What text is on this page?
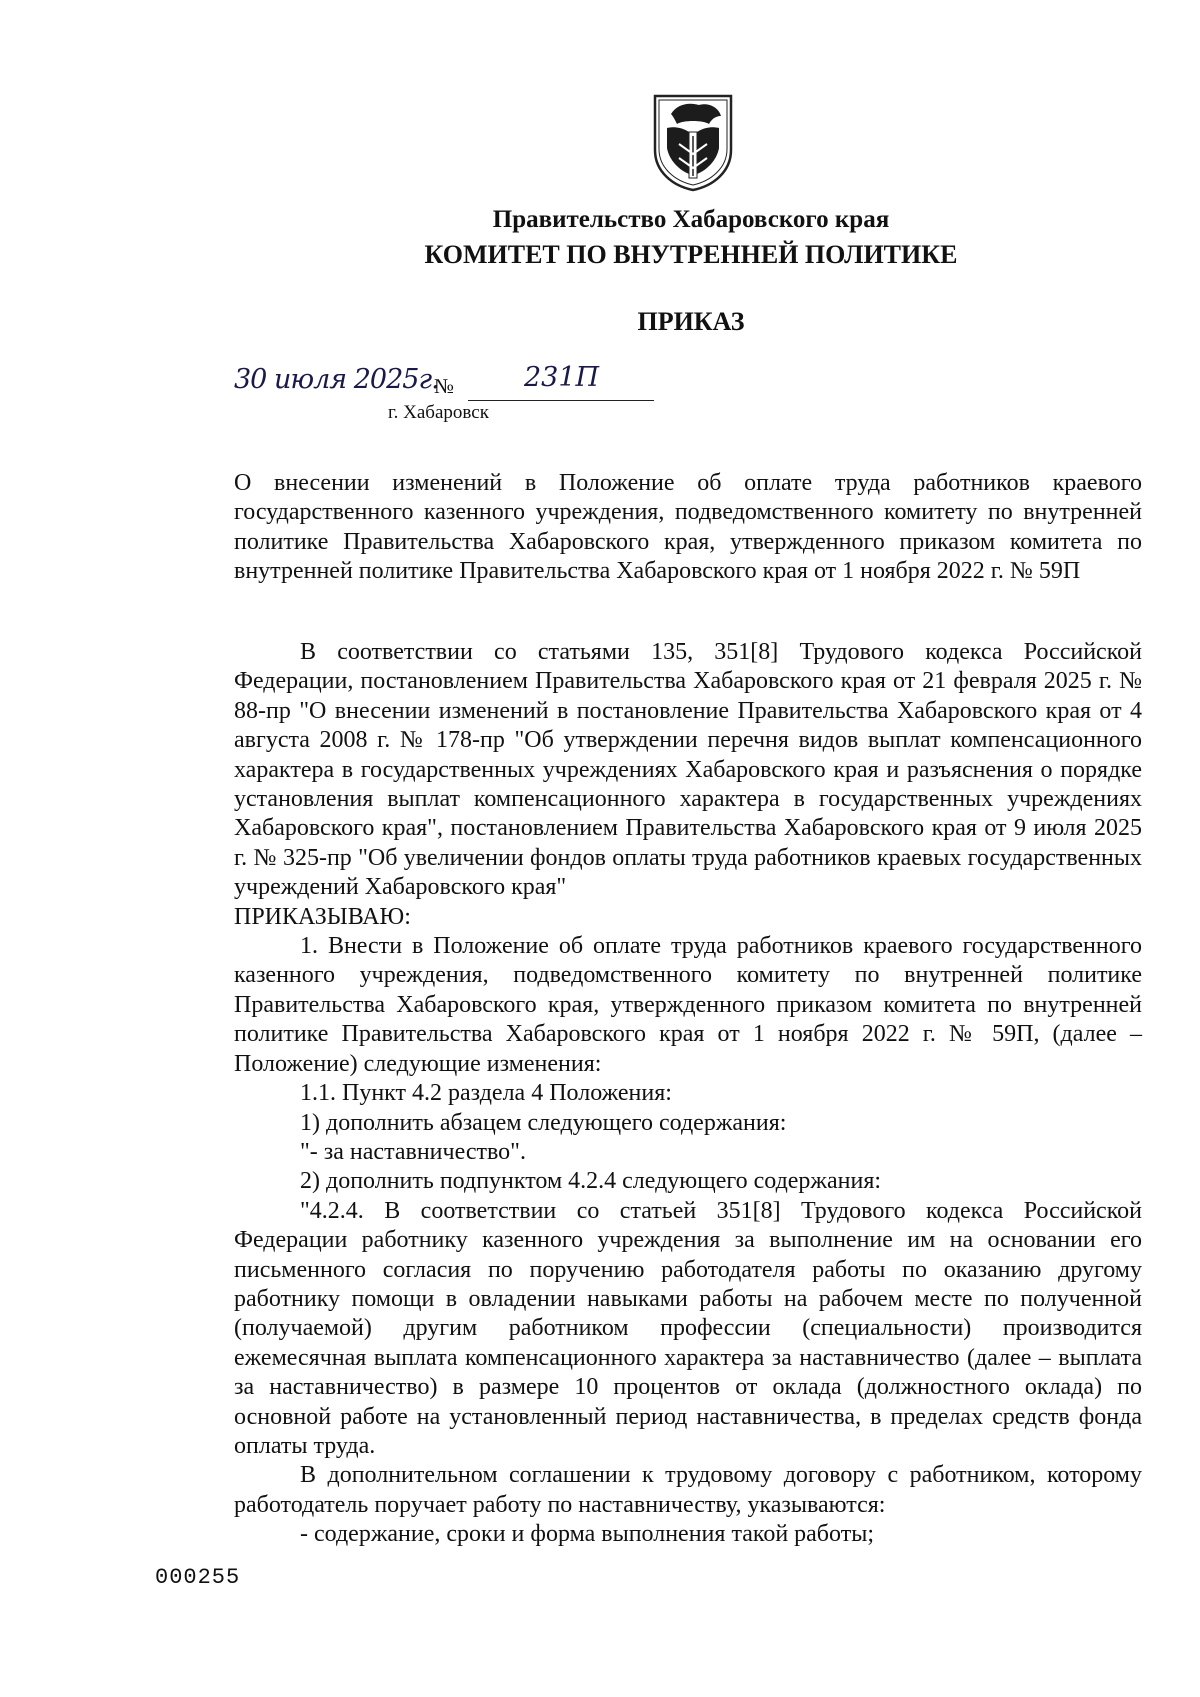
Правительство Хабаровского края
КОМИТЕТ ПО ВНУТРЕННЕЙ ПОЛИТИКЕ
ПРИКАЗ
30 июля 2025г.
№	231П
г. Хабаровск

О внесении изменений в Положение об оплате труда работников краевого государственного казенного учреждения, подведомственного комитету по внутренней политике Правительства Хабаровского края, утвержденного приказом комитета по внутренней политике Правительства Хабаровского края от 1 ноября 2022 г. № 59П

В соответствии со статьями 135, 351[8] Трудового кодекса Российской Федерации, постановлением Правительства Хабаровского края от 21 февраля 2025 г. № 88-пр "О внесении изменений в постановление Правительства Хабаровского края от 4 августа 2008 г. № 178-пр "Об утверждении перечня видов выплат компенсационного характера в государственных учреждениях Хабаровского края и разъяснения о порядке установления выплат компенсационного характера в государственных учреждениях Хабаровского края", постановлением Правительства Хабаровского края от 9 июля 2025 г. № 325-пр "Об увеличении фондов оплаты труда работников краевых государственных учреждений Хабаровского края"

ПРИКАЗЫВАЮ:

1. Внести в Положение об оплате труда работников краевого государственного казенного учреждения, подведомственного комитету по внутренней политике Правительства Хабаровского края, утвержденного приказом комитета по внутренней политике Правительства Хабаровского края от 1 ноября 2022 г. № 59П, (далее – Положение) следующие изменения:

1.1. Пункт 4.2 раздела 4 Положения:

1) дополнить абзацем следующего содержания:

"- за наставничество".

2) дополнить подпунктом 4.2.4 следующего содержания:

"4.2.4. В соответствии со статьей 351[8] Трудового кодекса Российской Федерации работнику казенного учреждения за выполнение им на основании его письменного согласия по поручению работодателя работы по оказанию другому работнику помощи в овладении навыками работы на рабочем месте по полученной (получаемой) другим работником профессии (специальности) производится ежемесячная выплата компенсационного характера за наставничество (далее – выплата за наставничество) в размере 10 процентов от оклада (должностного оклада) по основной работе на установленный период наставничества, в пределах средств фонда оплаты труда.

В дополнительном соглашении к трудовому договору с работником, которому работодатель поручает работу по наставничеству, указываются:

- содержание, сроки и форма выполнения такой работы;

000255
